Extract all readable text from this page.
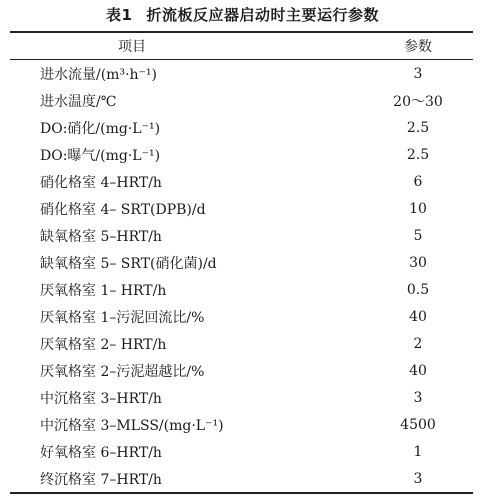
表1 折流板反应器启动时主要运行参数
项目	参数
进水流量/(m³·h⁻¹)	3
进水温度/℃	20～30
DO:硝化/(mg·L⁻¹)	2.5
DO:曝气/(mg·L⁻¹)	2.5
硝化格室 4–HRT/h	6
硝化格室 4– SRT(DPB)/d	10
缺氧格室 5–HRT/h	5
缺氧格室 5– SRT(硝化菌)/d	30
厌氧格室 1– HRT/h	0.5
厌氧格室 1–污泥回流比/%	40
厌氧格室 2– HRT/h	2
厌氧格室 2–污泥超越比/%	40
中沉格室 3–HRT/h	3
中沉格室 3–MLSS/(mg·L⁻¹)	4500
好氧格室 6–HRT/h	1
终沉格室 7–HRT/h	3
